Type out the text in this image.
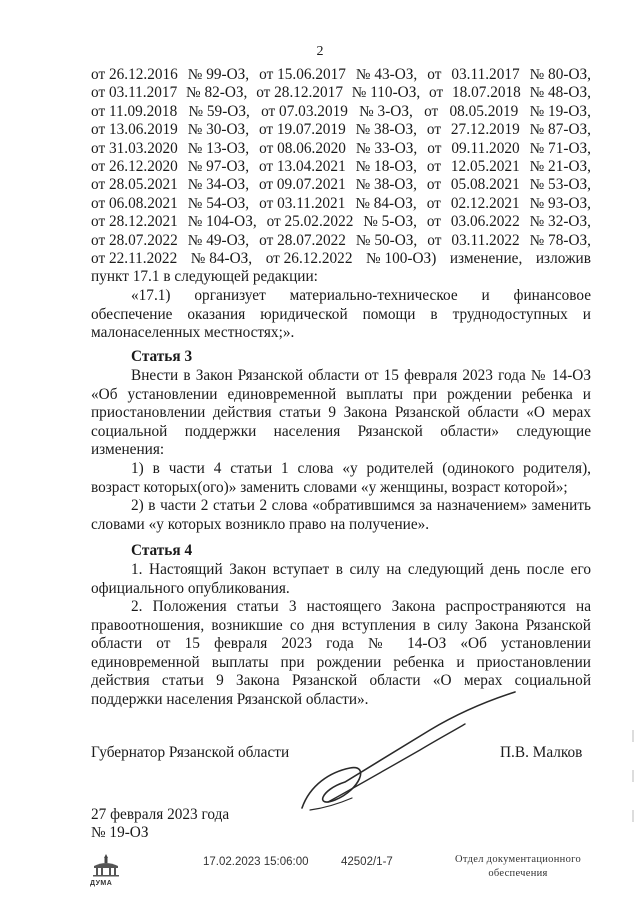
2
от 26.12.2016 № 99-ОЗ, от 15.06.2017 № 43-ОЗ, от 03.11.2017 № 80-ОЗ,
от 03.11.2017 № 82-ОЗ, от 28.12.2017 № 110-ОЗ, от 18.07.2018 № 48-ОЗ,
от 11.09.2018 № 59-ОЗ, от 07.03.2019 № 3-ОЗ, от 08.05.2019 № 19-ОЗ,
от 13.06.2019 № 30-ОЗ, от 19.07.2019 № 38-ОЗ, от 27.12.2019 № 87-ОЗ,
от 31.03.2020 № 13-ОЗ, от 08.06.2020 № 33-ОЗ, от 09.11.2020 № 71-ОЗ,
от 26.12.2020 № 97-ОЗ, от 13.04.2021 № 18-ОЗ, от 12.05.2021 № 21-ОЗ,
от 28.05.2021 № 34-ОЗ, от 09.07.2021 № 38-ОЗ, от 05.08.2021 № 53-ОЗ,
от 06.08.2021 № 54-ОЗ, от 03.11.2021 № 84-ОЗ, от 02.12.2021 № 93-ОЗ,
от 28.12.2021 № 104-ОЗ, от 25.02.2022 № 5-ОЗ, от 03.06.2022 № 32-ОЗ,
от 28.07.2022 № 49-ОЗ, от 28.07.2022 № 50-ОЗ, от 03.11.2022 № 78-ОЗ,
от 22.11.2022 № 84-ОЗ, от 26.12.2022 № 100-ОЗ) изменение, изложив
пункт 17.1 в следующей редакции:
«17.1) организует материально-техническое и финансовое обеспечение оказания юридической помощи в труднодоступных и малонаселенных местностях;».
Статья 3
Внести в Закон Рязанской области от 15 февраля 2023 года № 14-ОЗ «Об установлении единовременной выплаты при рождении ребенка и приостановлении действия статьи 9 Закона Рязанской области «О мерах социальной поддержки населения Рязанской области» следующие изменения:
1) в части 4 статьи 1 слова «у родителей (одинокого родителя), возраст которых(ого)» заменить словами «у женщины, возраст которой»;
2) в части 2 статьи 2 слова «обратившимся за назначением» заменить словами «у которых возникло право на получение».
Статья 4
1. Настоящий Закон вступает в силу на следующий день после его официального опубликования.
2. Положения статьи 3 настоящего Закона распространяются на правоотношения, возникшие со дня вступления в силу Закона Рязанской области от 15 февраля 2023 года № 14-ОЗ «Об установлении единовременной выплаты при рождении ребенка и приостановлении действия статьи 9 Закона Рязанской области «О мерах социальной поддержки населения Рязанской области».
Губернатор Рязанской области	П.В. Малков
27 февраля 2023 года
№ 19-ОЗ
ДУМА
17.02.2023 15:06:00	42502/1-7	Отдел документационного
обеспечения
